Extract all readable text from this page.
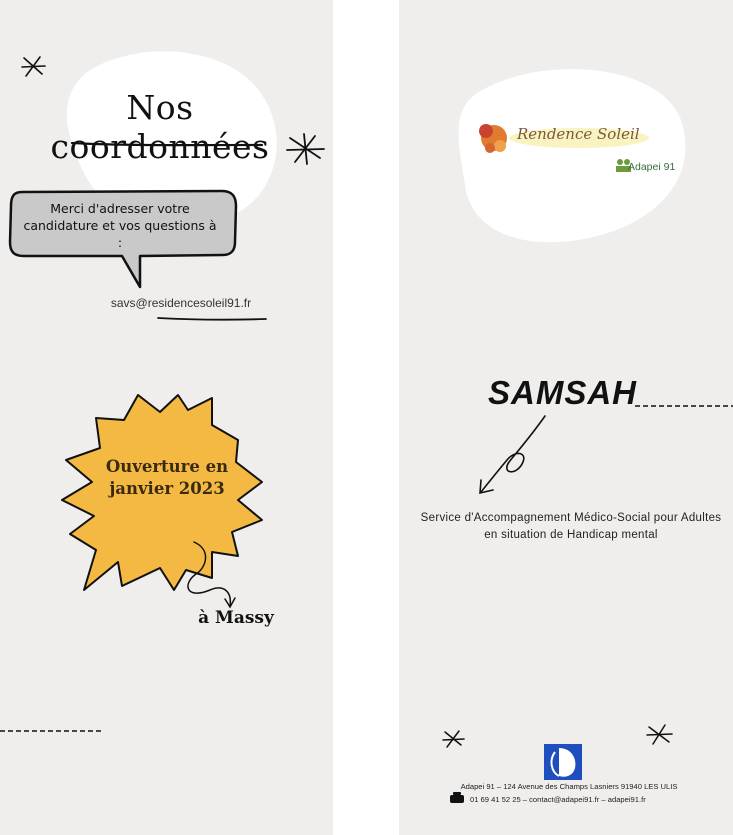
Nos coordonnées
Merci d'adresser votre candidature et vos questions à :
savs@residencesoleil91.fr
Ouverture en janvier 2023
à Massy
Rendence Soleil
Adapei 91
SAMSAH
Service d'Accompagnement Médico-Social pour Adultes en situation de Handicap mental
Adapei 91 – 124 Avenue des Champs Lasniers 91940 LES ULIS
01 69 41 52 25 – contact@adapei91.fr – adapei91.fr
